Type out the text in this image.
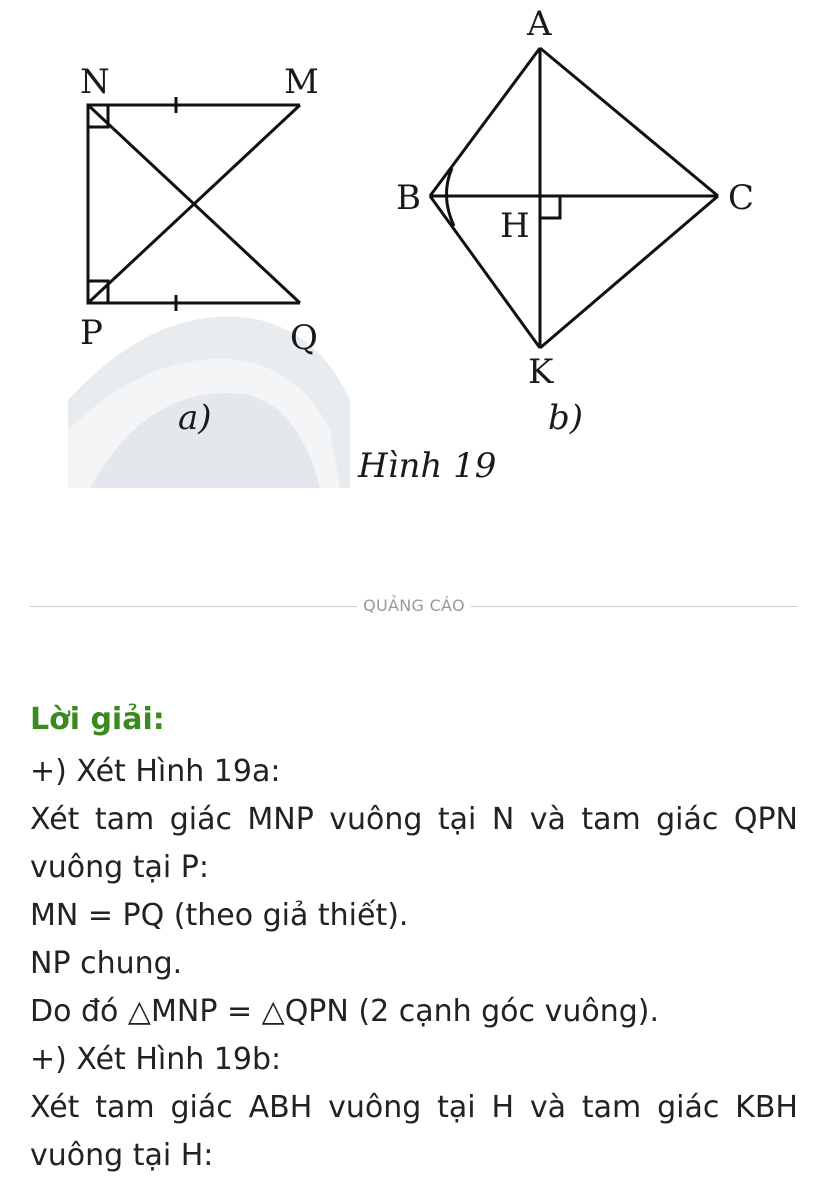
N	M
P	Q
a)
A
B	C
H
K
b)
Hình 19
QUẢNG CÁO
Lời giải:
+) Xét Hình 19a:
Xét tam giác MNP vuông tại N và tam giác QPN vuông tại P:
MN = PQ (theo giả thiết).
NP chung.
Do đó △MNP = △QPN (2 cạnh góc vuông).
+) Xét Hình 19b:
Xét tam giác ABH vuông tại H và tam giác KBH vuông tại H:
